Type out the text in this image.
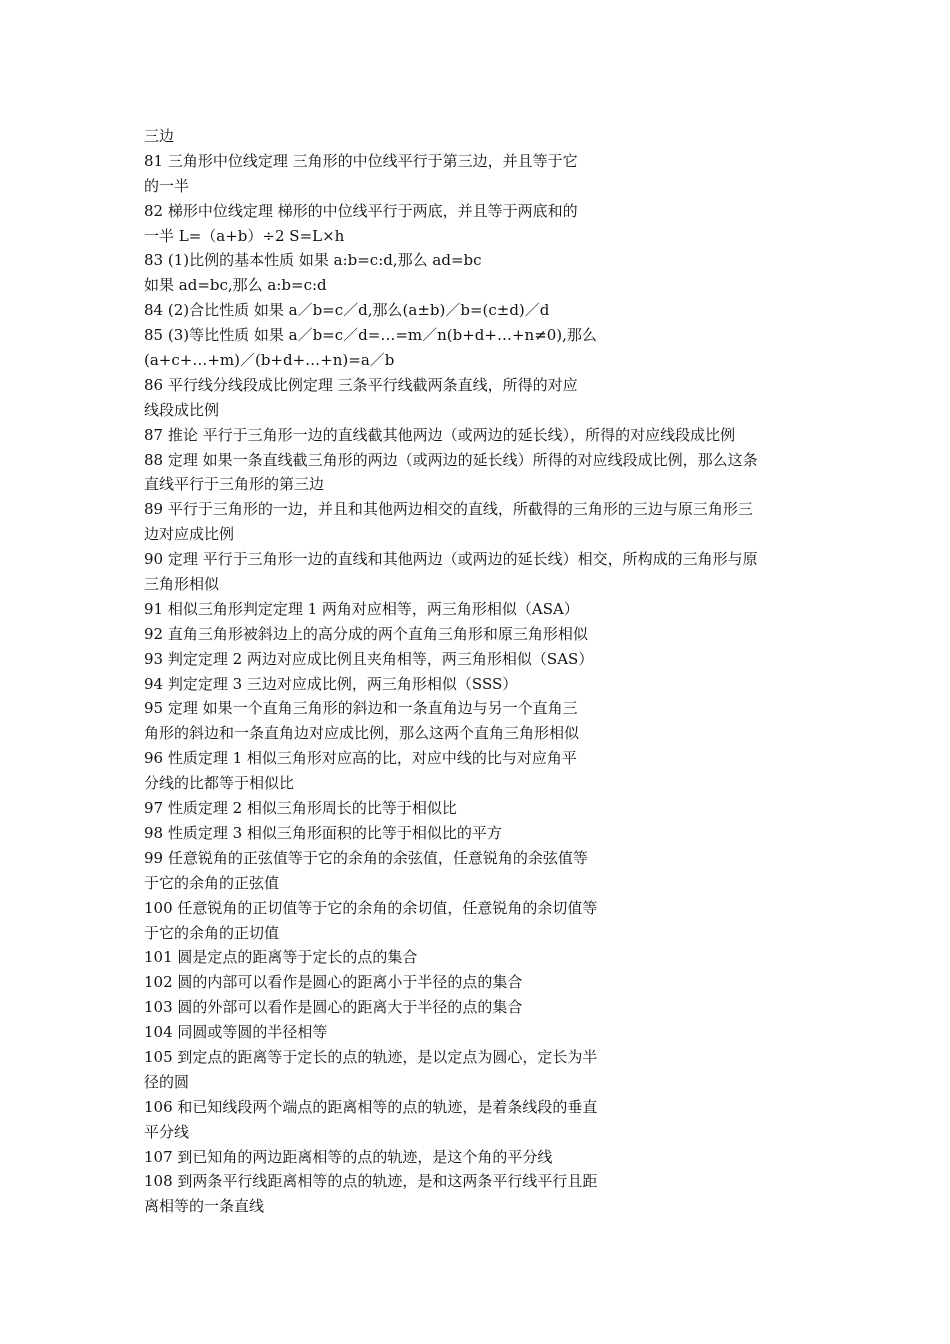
三边
81 三角形中位线定理 三角形的中位线平行于第三边，并且等于它
的一半
82 梯形中位线定理 梯形的中位线平行于两底，并且等于两底和的
一半 L=（a+b）÷2 S=L×h
83 (1)比例的基本性质 如果 a:b=c:d,那么 ad=bc
如果 ad=bc,那么 a:b=c:d
84 (2)合比性质 如果 a／b=c／d,那么(a±b)／b=(c±d)／d
85 (3)等比性质 如果 a／b=c／d=…=m／n(b+d+…+n≠0),那么
(a+c+…+m)／(b+d+…+n)=a／b
86 平行线分线段成比例定理 三条平行线截两条直线，所得的对应
线段成比例
87 推论 平行于三角形一边的直线截其他两边（或两边的延长线），所得的对应线段成比例
88 定理 如果一条直线截三角形的两边（或两边的延长线）所得的对应线段成比例，那么这条
直线平行于三角形的第三边
89 平行于三角形的一边，并且和其他两边相交的直线，所截得的三角形的三边与原三角形三
边对应成比例
90 定理 平行于三角形一边的直线和其他两边（或两边的延长线）相交，所构成的三角形与原
三角形相似
91 相似三角形判定定理 1 两角对应相等，两三角形相似（ASA）
92 直角三角形被斜边上的高分成的两个直角三角形和原三角形相似
93 判定定理 2 两边对应成比例且夹角相等，两三角形相似（SAS）
94 判定定理 3 三边对应成比例，两三角形相似（SSS）
95 定理 如果一个直角三角形的斜边和一条直角边与另一个直角三
角形的斜边和一条直角边对应成比例，那么这两个直角三角形相似
96 性质定理 1 相似三角形对应高的比，对应中线的比与对应角平
分线的比都等于相似比
97 性质定理 2 相似三角形周长的比等于相似比
98 性质定理 3 相似三角形面积的比等于相似比的平方
99 任意锐角的正弦值等于它的余角的余弦值，任意锐角的余弦值等
于它的余角的正弦值
100 任意锐角的正切值等于它的余角的余切值，任意锐角的余切值等
于它的余角的正切值
101 圆是定点的距离等于定长的点的集合
102 圆的内部可以看作是圆心的距离小于半径的点的集合
103 圆的外部可以看作是圆心的距离大于半径的点的集合
104 同圆或等圆的半径相等
105 到定点的距离等于定长的点的轨迹，是以定点为圆心，定长为半
径的圆
106 和已知线段两个端点的距离相等的点的轨迹，是着条线段的垂直
平分线
107 到已知角的两边距离相等的点的轨迹，是这个角的平分线
108 到两条平行线距离相等的点的轨迹，是和这两条平行线平行且距
离相等的一条直线
